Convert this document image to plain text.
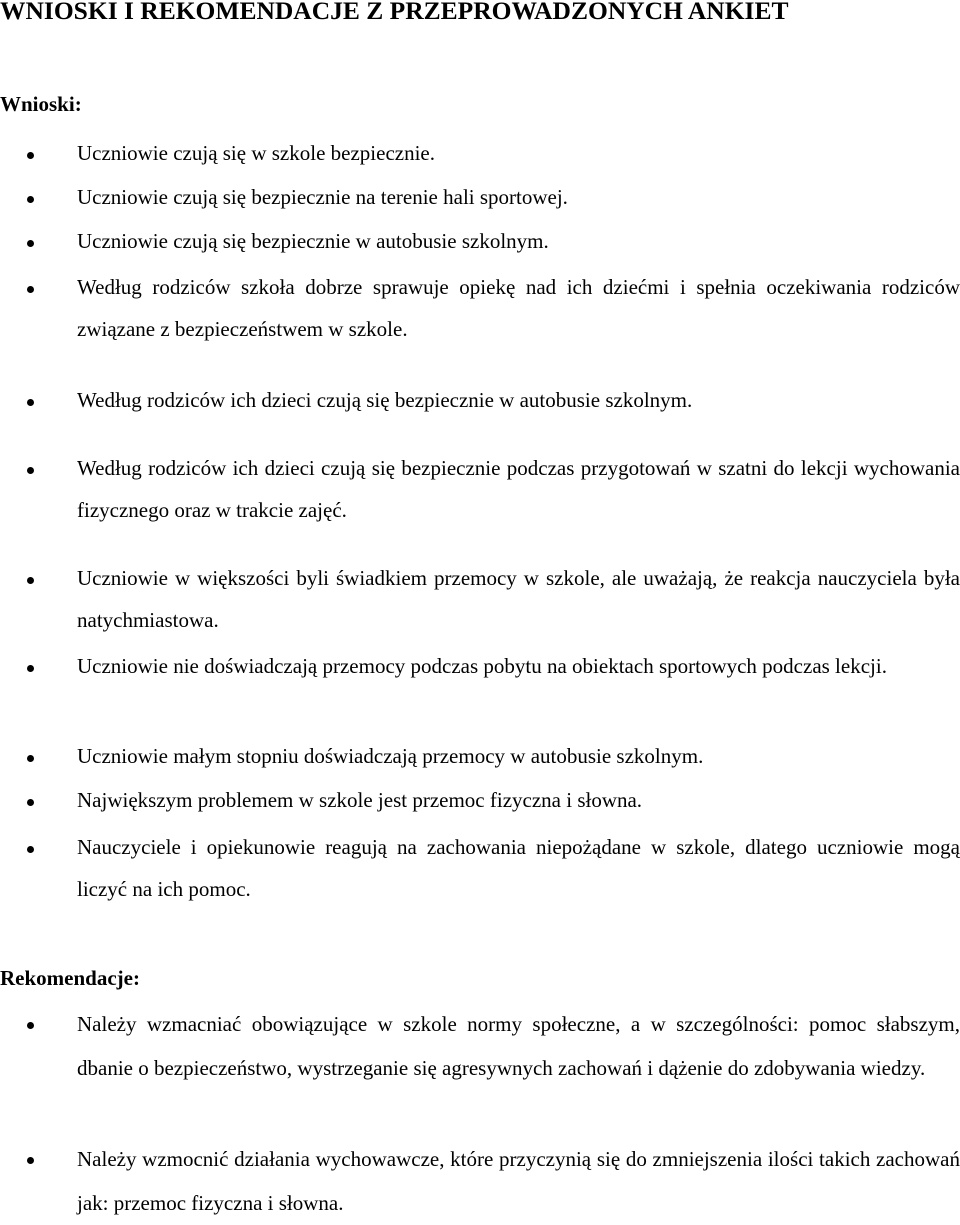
WNIOSKI I REKOMENDACJE Z PRZEPROWADZONYCH ANKIET
Wnioski:

Uczniowie czują się w szkole bezpiecznie.

Uczniowie czują się bezpiecznie na terenie hali sportowej.

Uczniowie czują się bezpiecznie w autobusie szkolnym.

Według rodziców szkoła dobrze sprawuje opiekę nad ich dziećmi i spełnia oczekiwania rodziców związane z bezpieczeństwem w szkole.

Według rodziców ich dzieci czują się bezpiecznie w autobusie szkolnym.

Według rodziców ich dzieci czują się bezpiecznie podczas przygotowań w szatni do lekcji wychowania fizycznego oraz w trakcie zajęć.

Uczniowie w większości byli świadkiem przemocy w szkole, ale uważają, że reakcja nauczyciela była natychmiastowa.

Uczniowie nie doświadczają przemocy podczas pobytu na obiektach sportowych podczas lekcji.

Uczniowie małym stopniu doświadczają przemocy w autobusie szkolnym.

Największym problemem w szkole jest przemoc fizyczna i słowna.

Nauczyciele i opiekunowie reagują na zachowania niepożądane w szkole, dlatego uczniowie mogą liczyć na ich pomoc.

Rekomendacje:

Należy wzmacniać obowiązujące w szkole normy społeczne, a w szczególności: pomoc słabszym, dbanie o bezpieczeństwo, wystrzeganie się agresywnych zachowań i dążenie do zdobywania wiedzy.

Należy wzmocnić działania wychowawcze, które przyczynią się do zmniejszenia ilości takich zachowań jak: przemoc fizyczna i słowna.
